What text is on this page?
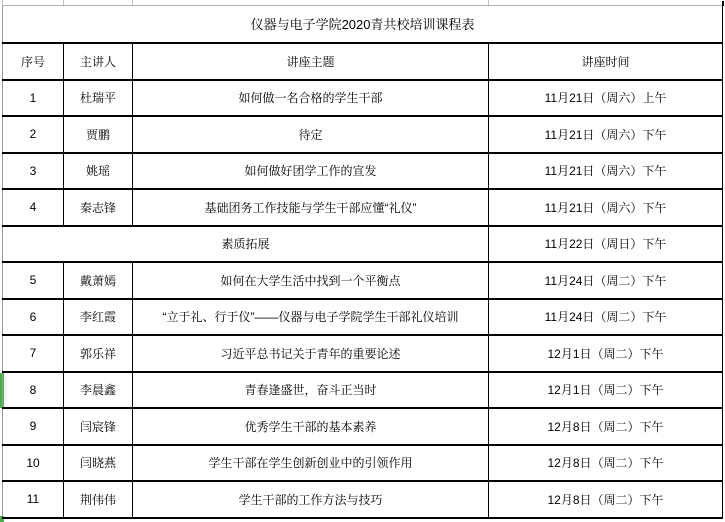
仪器与电子学院2020青共校培训课程表			
序号	主讲人	讲座主题	讲座时间
1	杜瑞平	如何做一名合格的学生干部	11月21日（周六）上午
2	贾鹏	待定	11月21日（周六）下午
3	姚瑶	如何做好团学工作的宣发	11月21日（周六）下午
4	秦志锋	基础团务工作技能与学生干部应懂“礼仪”	11月21日（周六）下午
素质拓展			11月22日（周日）下午
5	戴萧嫣	如何在大学生活中找到一个平衡点	11月24日（周二）下午
6	李红霞	“立于礼、行于仪”——仪器与电子学院学生干部礼仪培训	11月24日（周二）下午
7	郭乐祥	习近平总书记关于青年的重要论述	12月1日（周二）下午
8	李晨鑫	青春逢盛世，奋斗正当时	12月1日（周二）下午
9	闫宸锋	优秀学生干部的基本素养	12月8日（周二）下午
10	闫晓燕	学生干部在学生创新创业中的引领作用	12月8日（周二）下午
11	荆伟伟	学生干部的工作方法与技巧	12月8日（周二）下午
